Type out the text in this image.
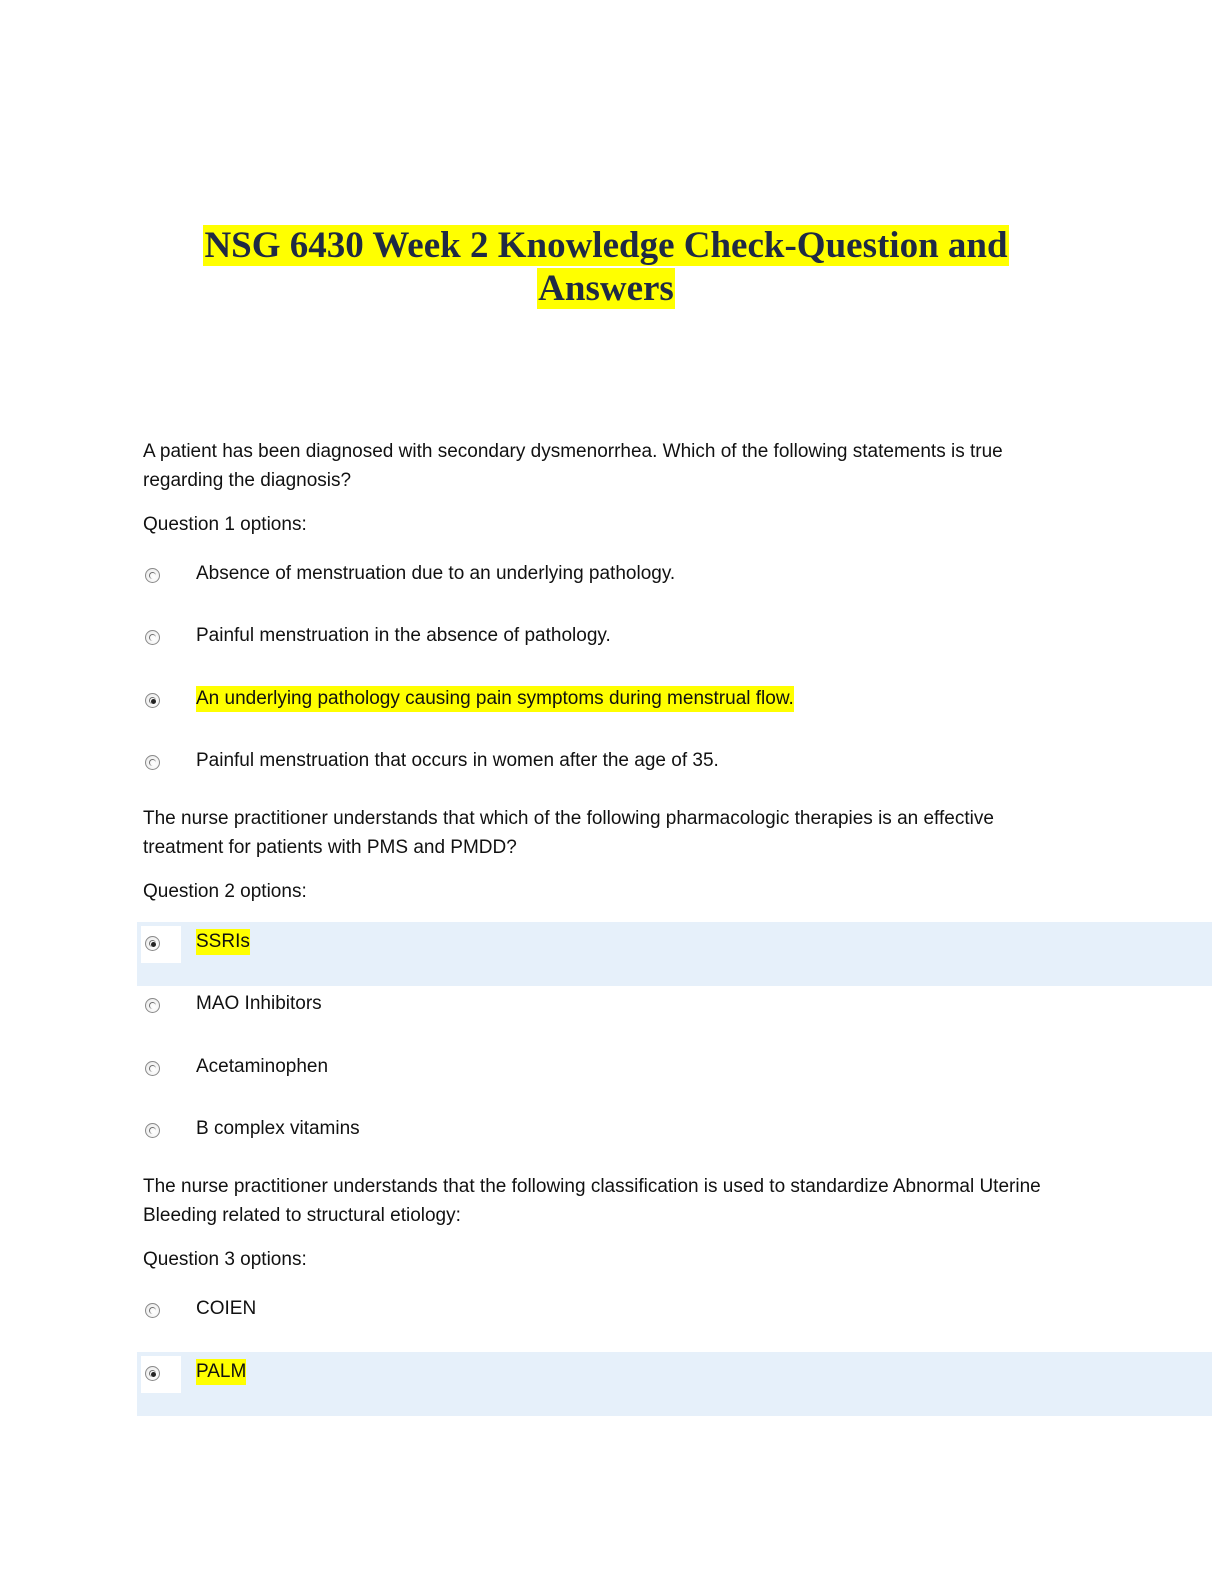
NSG 6430 Week 2 Knowledge Check-Question and
Answers

A patient has been diagnosed with secondary dysmenorrhea. Which of the following statements is true regarding the diagnosis?

Question 1 options:

Absence of menstruation due to an underlying pathology.
Painful menstruation in the absence of pathology.
An underlying pathology causing pain symptoms during menstrual flow.
Painful menstruation that occurs in women after the age of 35.

The nurse practitioner understands that which of the following pharmacologic therapies is an effective treatment for patients with PMS and PMDD?

Question 2 options:

SSRIs
MAO Inhibitors
Acetaminophen
B complex vitamins

The nurse practitioner understands that the following classification is used to standardize Abnormal Uterine Bleeding related to structural etiology:

Question 3 options:

COIEN
PALM
